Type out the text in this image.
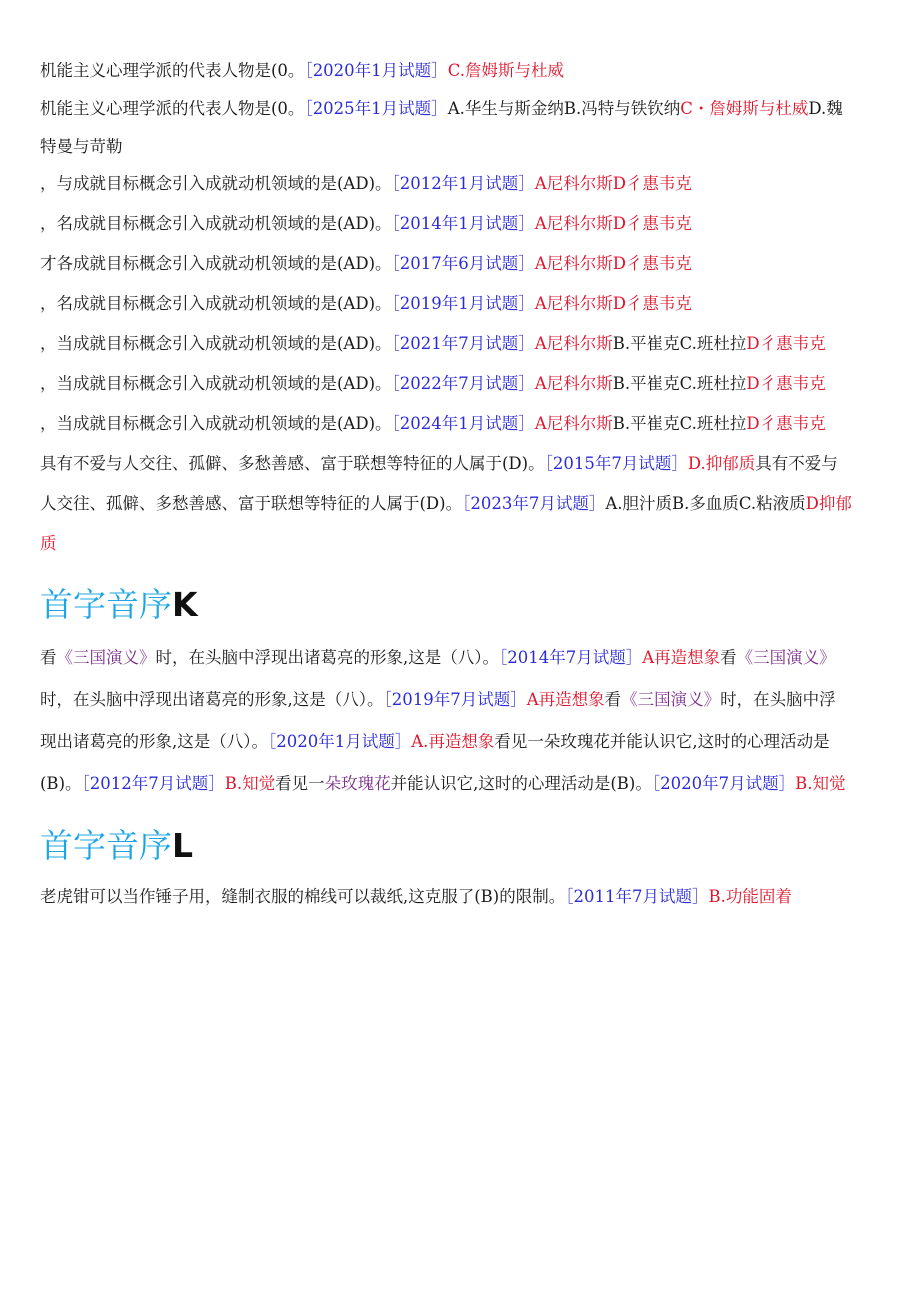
机能主义心理学派的代表人物是(0。［2020年1月试题］C.詹姆斯与杜威
机能主义心理学派的代表人物是(0。［2025年1月试题］A.华生与斯金纳B.冯特与铁钦纳C・詹姆斯与杜威D.魏
特曼与苛勒
，与成就目标概念引入成就动机领域的是(AD)。［2012年1月试题］A尼科尔斯D彳惠韦克
，名成就目标概念引入成就动机领域的是(AD)。［2014年1月试题］A尼科尔斯D彳惠韦克
才各成就目标概念引入成就动机领域的是(AD)。［2017年6月试题］A尼科尔斯D彳惠韦克
，名成就目标概念引入成就动机领域的是(AD)。［2019年1月试题］A尼科尔斯D彳惠韦克
，当成就目标概念引入成就动机领域的是(AD)。［2021年7月试题］A尼科尔斯B.平崔克C.班杜拉D彳惠韦克
，当成就目标概念引入成就动机领域的是(AD)。［2022年7月试题］A尼科尔斯B.平崔克C.班杜拉D彳惠韦克
，当成就目标概念引入成就动机领域的是(AD)。［2024年1月试题］A尼科尔斯B.平崔克C.班杜拉D彳惠韦克
具有不爱与人交往、孤僻、多愁善感、富于联想等特征的人属于(D)。［2015年7月试题］D.抑郁质具有不爱与
人交往、孤僻、多愁善感、富于联想等特征的人属于(D)。［2023年7月试题］A.胆汁质B.多血质C.粘液质D抑郁
质
首字音序K
看《三国演义》时，在头脑中浮现出诸葛亮的形象,这是（八）。［2014年7月试题］A再造想象看《三国演义》
时，在头脑中浮现出诸葛亮的形象,这是（八）。［2019年7月试题］A再造想象看《三国演义》时，在头脑中浮
现出诸葛亮的形象,这是（八）。［2020年1月试题］A.再造想象看见一朵玫瑰花并能认识它,这时的心理活动是
(B)。［2012年7月试题］B.知觉看见一朵玫瑰花并能认识它,这时的心理活动是(B)。［2020年7月试题］B.知觉
首字音序L
老虎钳可以当作锤子用，缝制衣服的棉线可以裁纸,这克服了(B)的限制。［2011年7月试题］B.功能固着
